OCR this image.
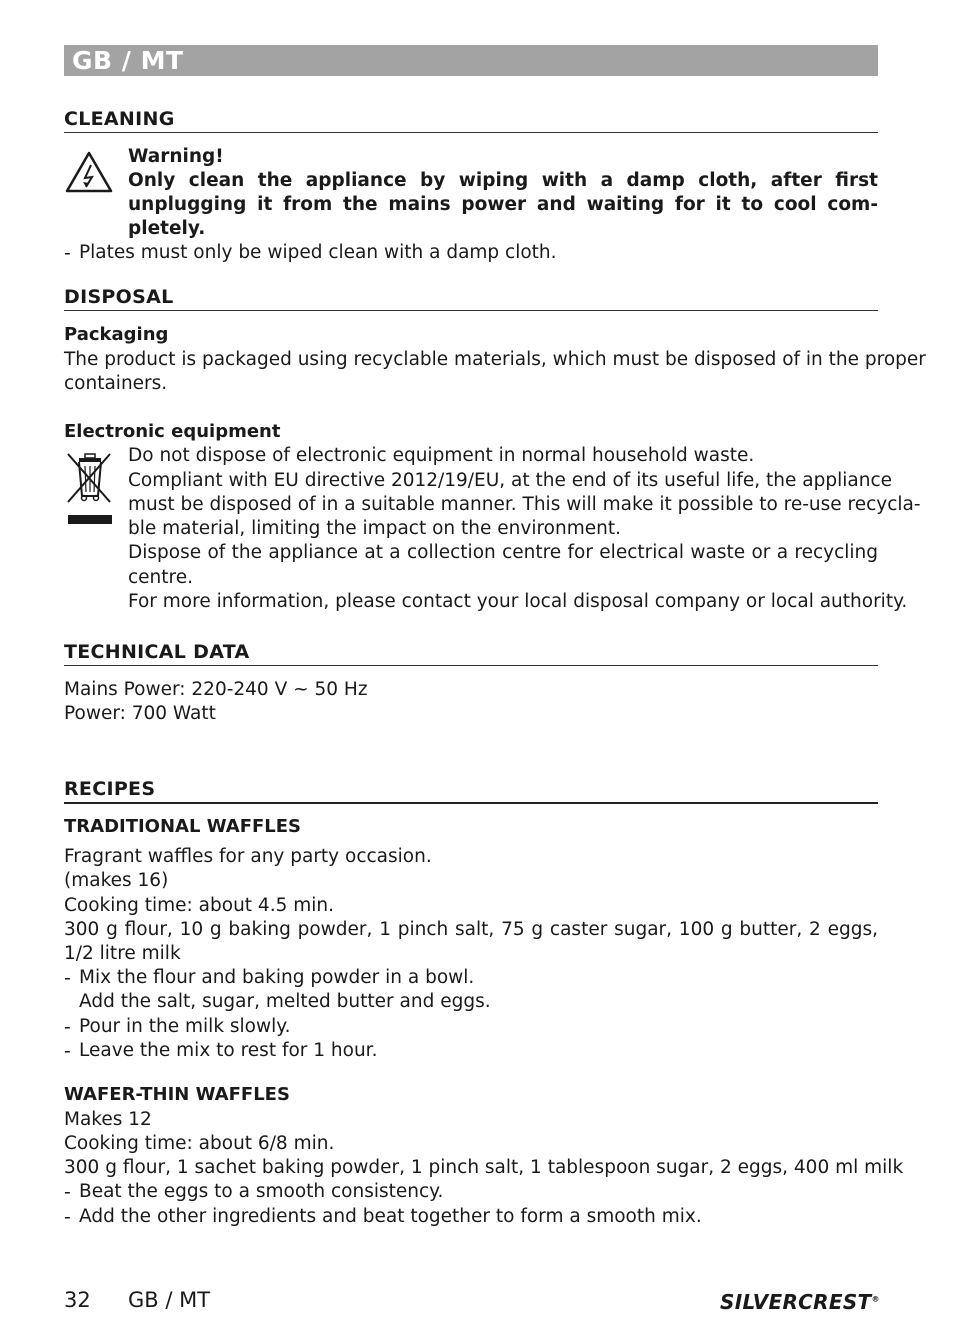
GB / MT
CLEANING
Warning!
Only clean the appliance by wiping with a damp cloth, after first
unplugging it from the mains power and waiting for it to cool com-
pletely.
- Plates must only be wiped clean with a damp cloth.
DISPOSAL
Packaging
The product is packaged using recyclable materials, which must be disposed of in the proper
containers.
Electronic equipment
Do not dispose of electronic equipment in normal household waste.
Compliant with EU directive 2012/19/EU, at the end of its useful life, the appliance
must be disposed of in a suitable manner. This will make it possible to re-use recycla-
ble material, limiting the impact on the environment.
Dispose of the appliance at a collection centre for electrical waste or a recycling
centre.
For more information, please contact your local disposal company or local authority.
TECHNICAL DATA
Mains Power: 220-240 V ~ 50 Hz
Power: 700 Watt
RECIPES
TRADITIONAL WAFFLES
Fragrant waffles for any party occasion.
(makes 16)
Cooking time: about 4.5 min.
300 g flour, 10 g baking powder, 1 pinch salt, 75 g caster sugar, 100 g butter, 2 eggs,
1/2 litre milk
- Mix the flour and baking powder in a bowl.
Add the salt, sugar, melted butter and eggs.
- Pour in the milk slowly.
- Leave the mix to rest for 1 hour.
WAFER-THIN WAFFLES
Makes 12
Cooking time: about 6/8 min.
300 g flour, 1 sachet baking powder, 1 pinch salt, 1 tablespoon sugar, 2 eggs, 400 ml milk
- Beat the eggs to a smooth consistency.
- Add the other ingredients and beat together to form a smooth mix.
32 GB / MT	SILVERCREST®
